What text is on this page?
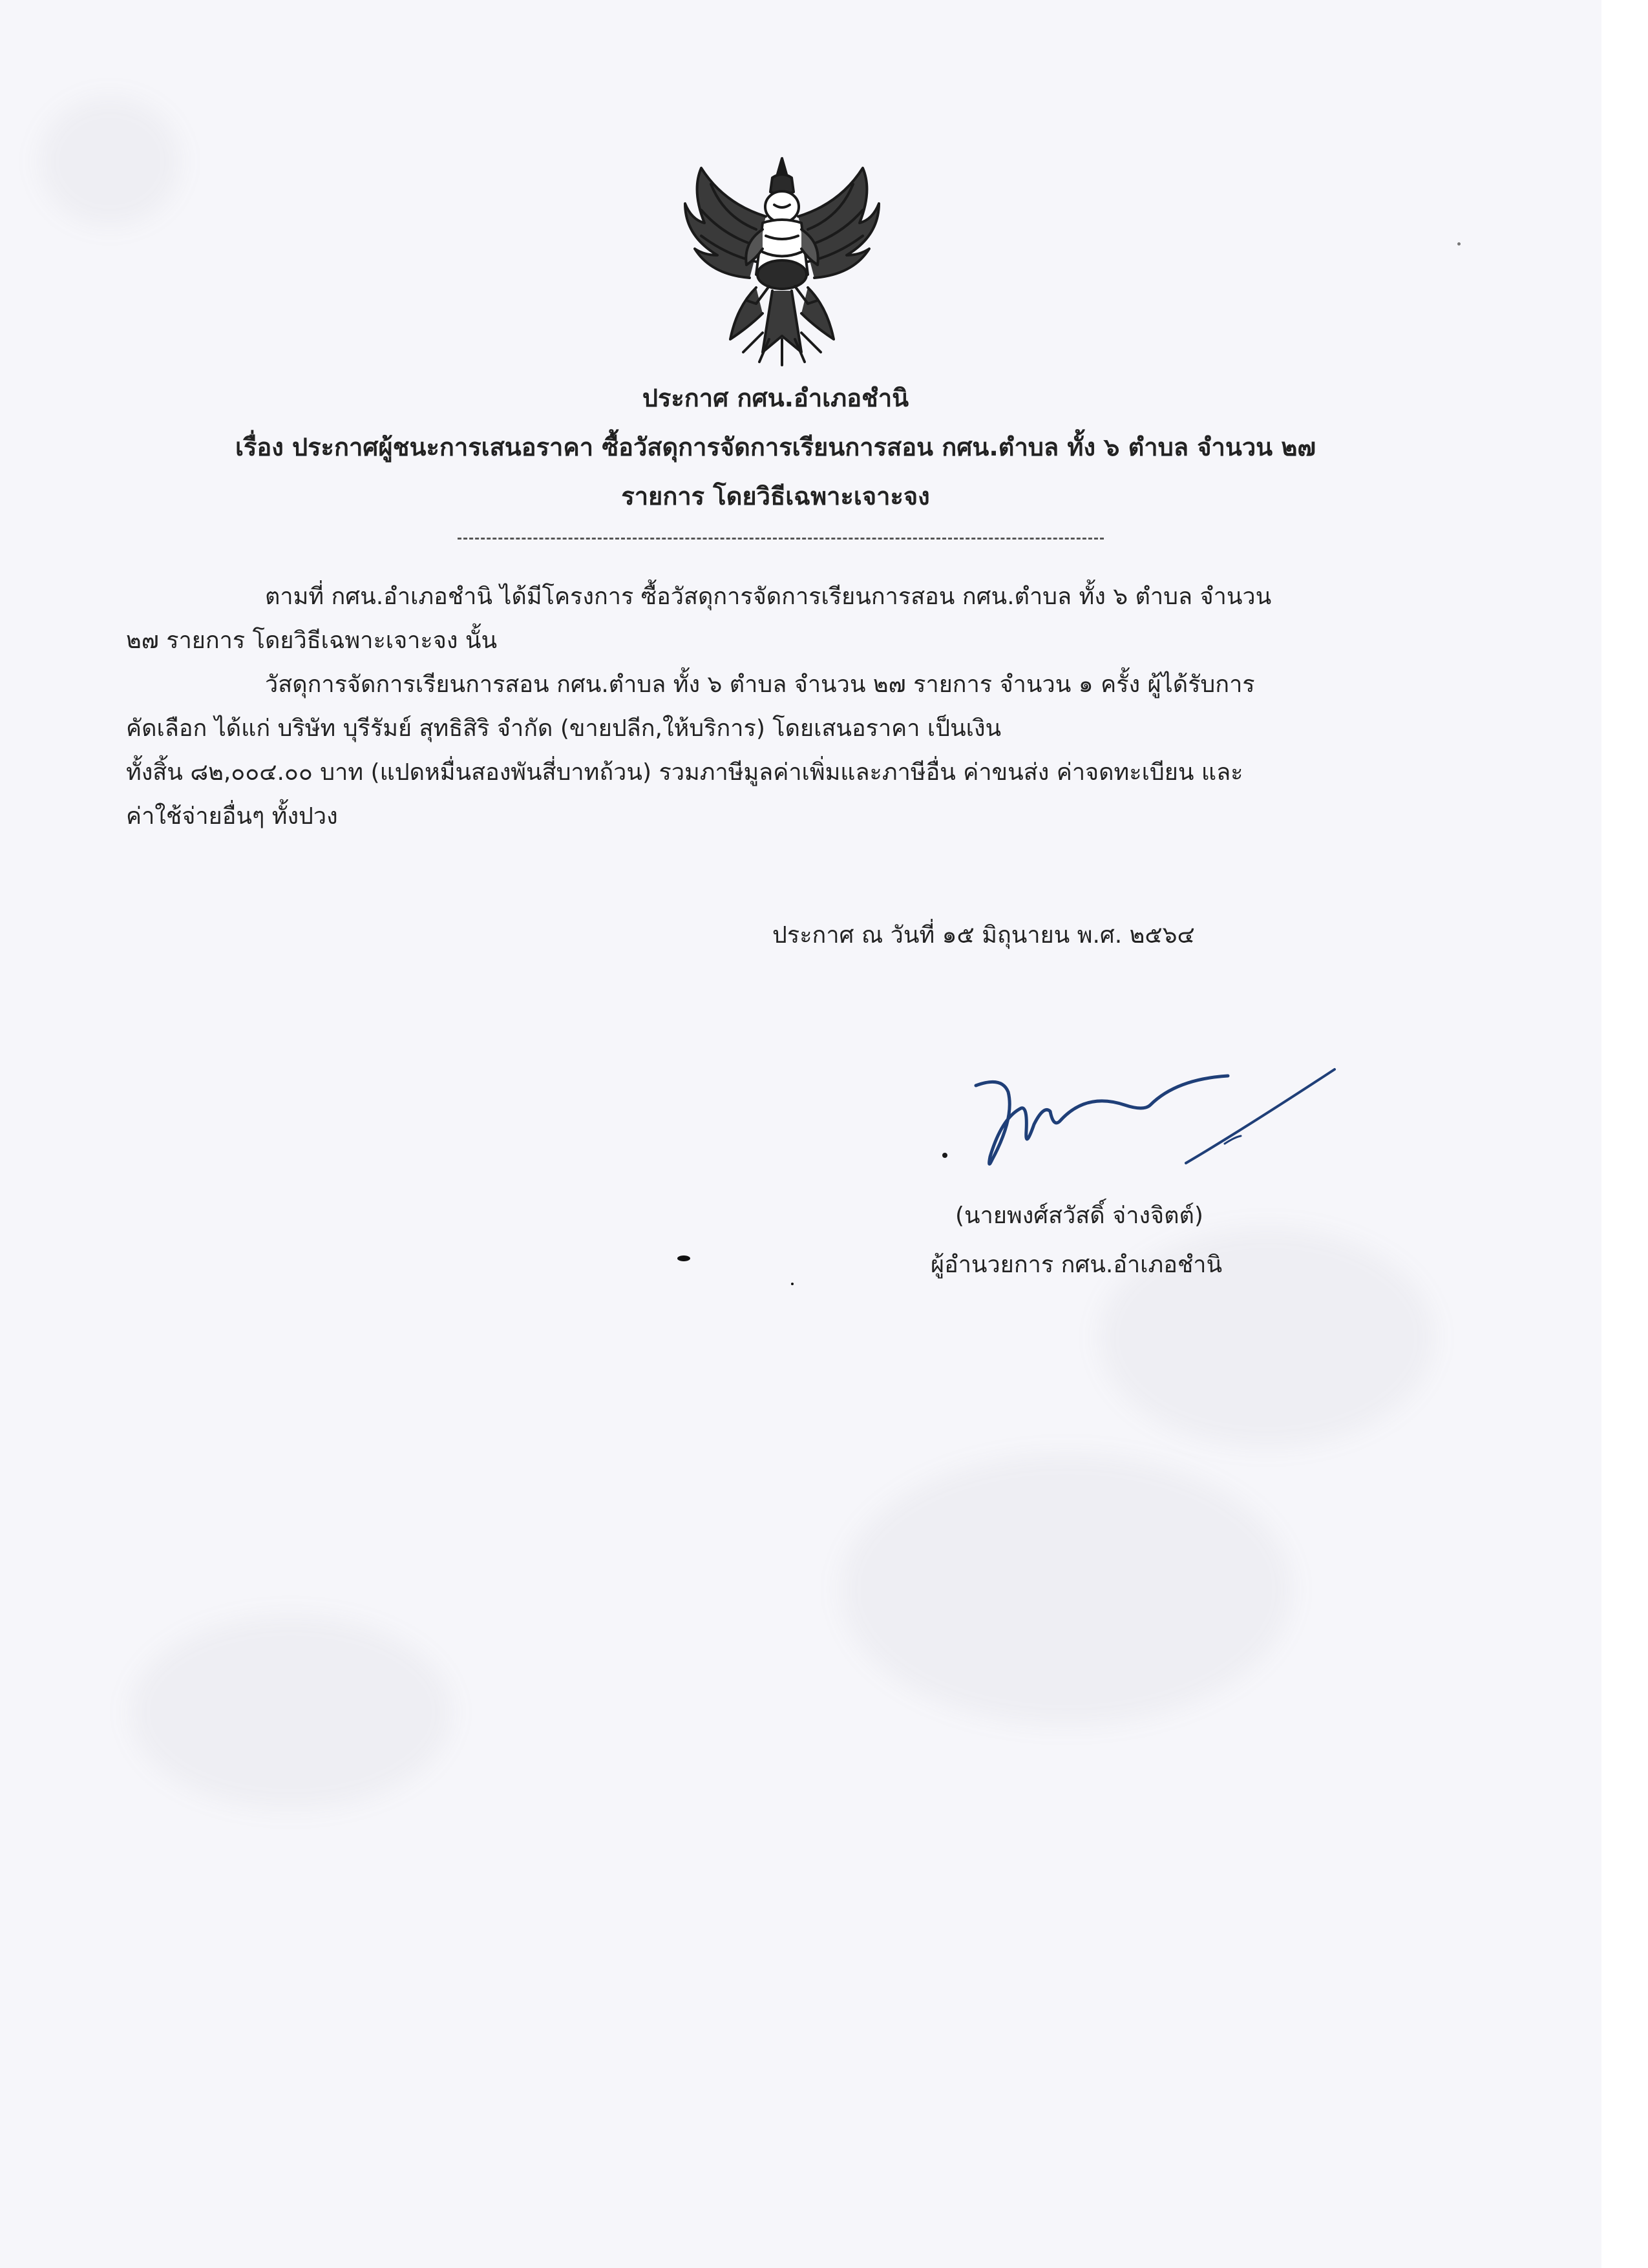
ประกาศ กศน.อำเภอชำนิ
เรื่อง ประกาศผู้ชนะการเสนอราคา ซื้อวัสดุการจัดการเรียนการสอน กศน.ตำบล ทั้ง ๖ ตำบล จำนวน ๒๗
รายการ โดยวิธีเฉพาะเจาะจง

ตามที่ กศน.อำเภอชำนิ ได้มีโครงการ ซื้อวัสดุการจัดการเรียนการสอน กศน.ตำบล ทั้ง ๖ ตำบล จำนวน
๒๗ รายการ โดยวิธีเฉพาะเจาะจง นั้น

วัสดุการจัดการเรียนการสอน กศน.ตำบล ทั้ง ๖ ตำบล จำนวน ๒๗ รายการ จำนวน ๑ ครั้ง ผู้ได้รับการ
คัดเลือก ได้แก่ บริษัท บุรีรัมย์ สุทธิสิริ จำกัด (ขายปลีก,ให้บริการ) โดยเสนอราคา เป็นเงิน
ทั้งสิ้น ๘๒,๐๐๔.๐๐ บาท (แปดหมื่นสองพันสี่บาทถ้วน) รวมภาษีมูลค่าเพิ่มและภาษีอื่น ค่าขนส่ง ค่าจดทะเบียน และ
ค่าใช้จ่ายอื่นๆ ทั้งปวง

ประกาศ ณ วันที่ ๑๕ มิถุนายน พ.ศ. ๒๕๖๔
(นายพงศ์สวัสดิ์ จ่างจิตต์)
ผู้อำนวยการ กศน.อำเภอชำนิ
